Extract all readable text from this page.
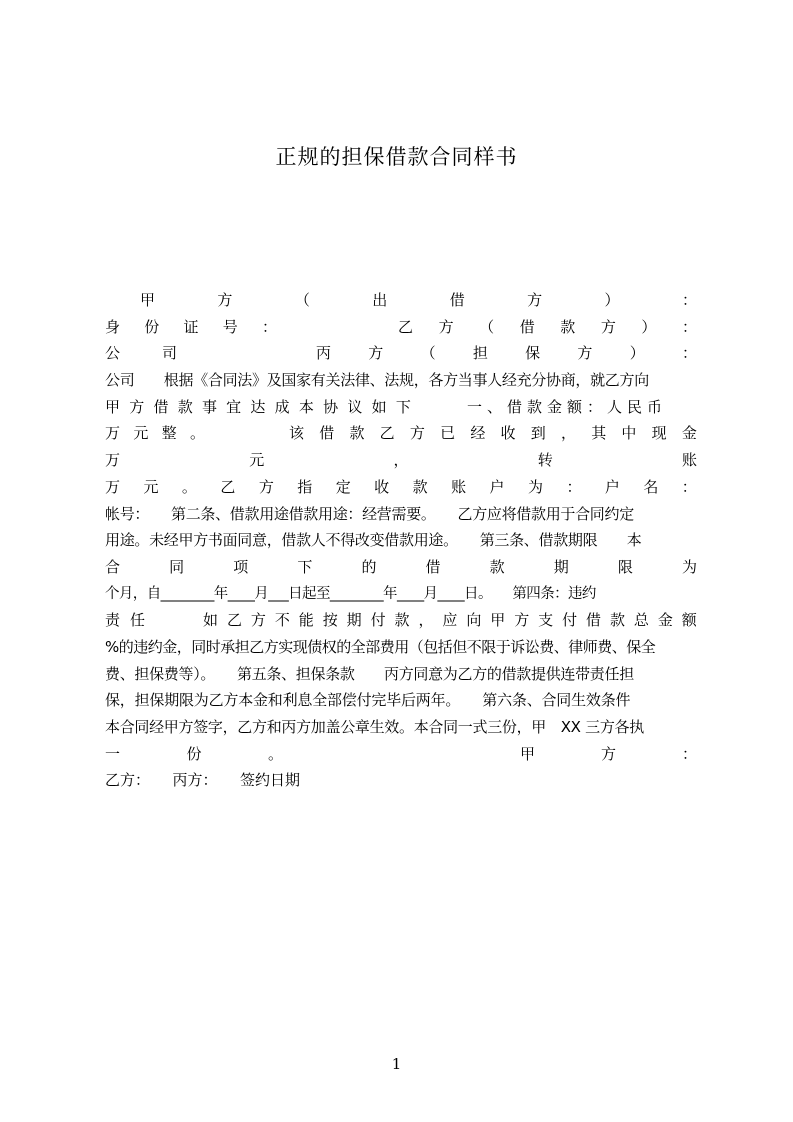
正规的担保借款合同样书
甲	方	（	出	借	方	）	：
身 份 证 号 ：	乙 方 （ 借 款 方 ） ：
公	司	丙 方 （ 担 保 方 ） ：
公司　　根据《合同法》及国家有关法律、法规，各方当事人经充分协商，就乙方向
甲 方 借 款 事 宜 达 成 本 协 议 如 下	一、借款金额：人民币
万 元 整 。	该 借 款 乙 方 已 经 收 到 ， 其 中 现 金
万	元	，	转	账
万 元 。 乙 方 指 定 收 款 账 户 为 ： 户 名 ：
帐号：　　第二条、借款用途借款用途：经营需要。　　乙方应将借款用于合同约定
用途。未经甲方书面同意，借款人不得改变借款用途。　　第三条、借款期限　　本
合	同	项	下	的	借	款	期	限	为
个月，自________年____月___日起至________年____月____日。　　第四条：违约
责 任	如 乙 方 不 能 按 期 付 款 ， 应 向 甲 方 支 付 借 款 总 金 额
%的违约金，同时承担乙方实现债权的全部费用（包括但不限于诉讼费、律师费、保全
费、担保费等）。　　第五条、担保条款　　丙方同意为乙方的借款提供连带责任担
保，担保期限为乙方本金和利息全部偿付完毕后两年。　　第六条、合同生效条件
本合同经甲方签字，乙方和丙方加盖公章生效。本合同一式三份，甲　XX 三方各执
一	份	。	甲	方	：
乙方：　　丙方：　　签约日期
1
